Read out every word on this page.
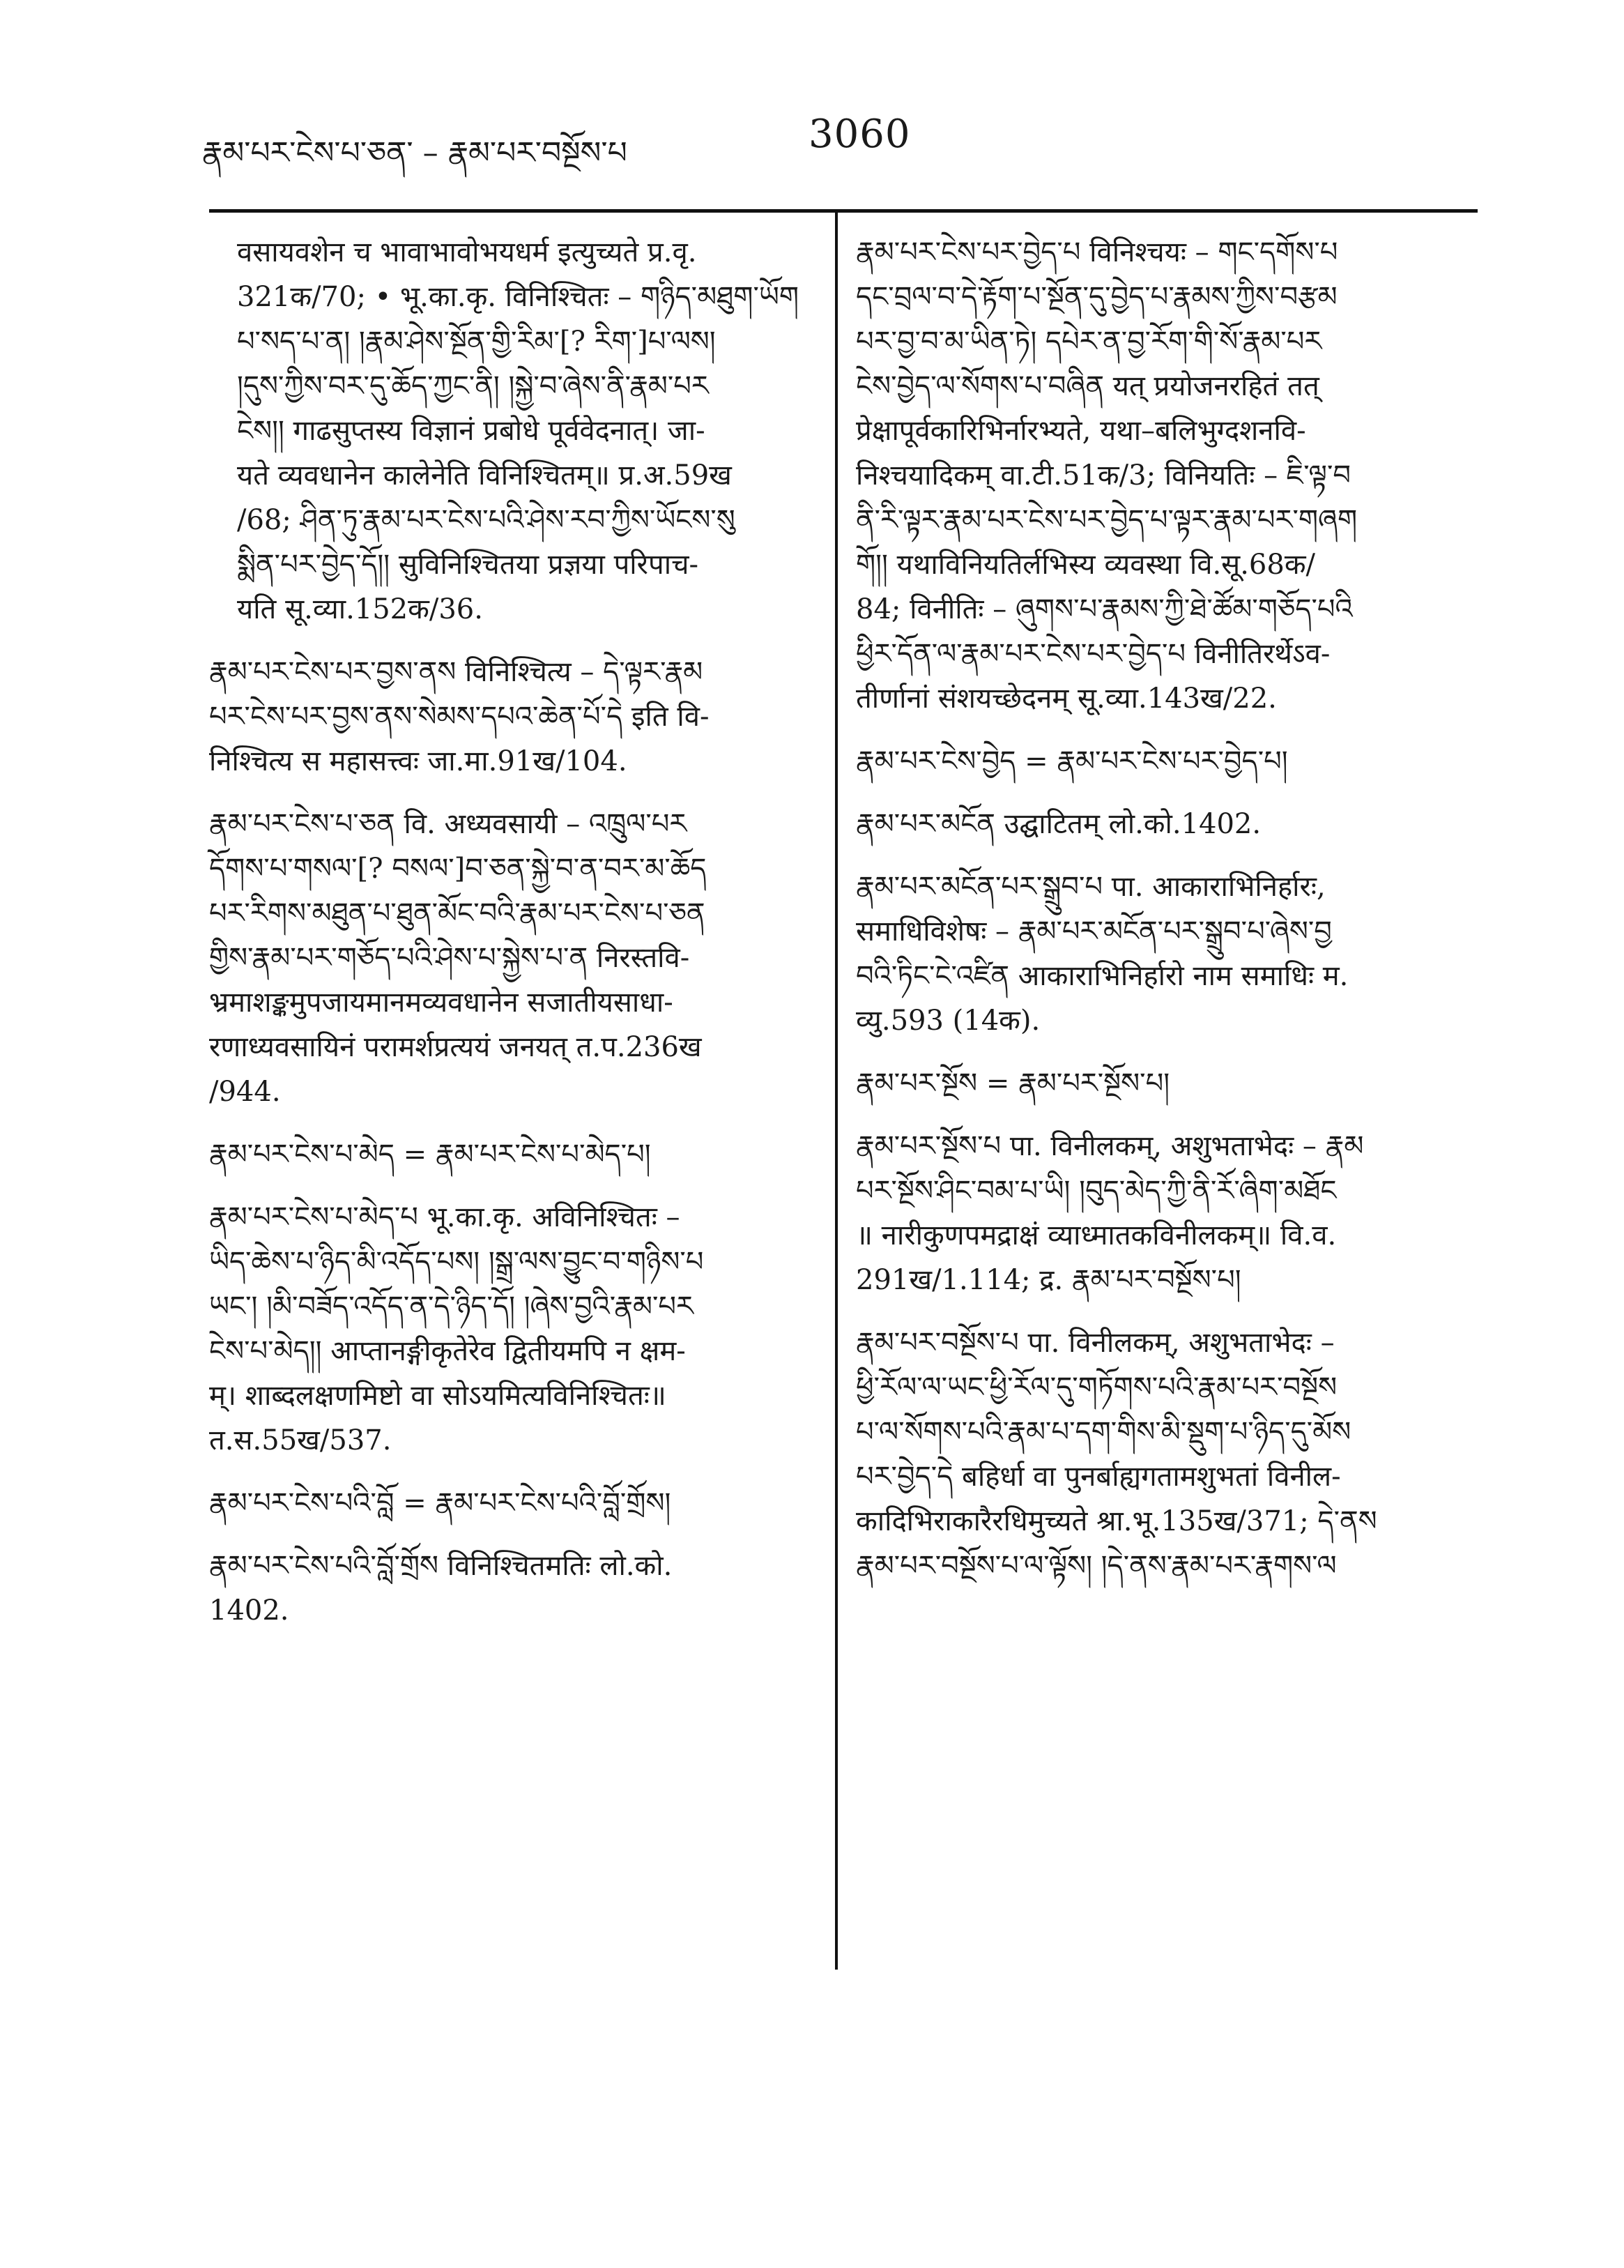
རྣམ་པར་ངེས་པ་ཅན་ – རྣམ་པར་བསྔོས་པ	3060
वसायवशेन च भावाभावोभयधर्म इत्युच्यते प्र.वृ.
321क/70; • भू.का.कृ. विनिश्चितः – གཉིད་མཐུག་ཡོག
པ་སད་པ་ན། །རྣམ་ཤེས་སྔོན་གྱི་རིམ་[? རིག་]པ་ལས།
།དུས་ཀྱིས་བར་དུ་ཆོད་ཀྱང་ནི། །སྐྱེ་བ་ཞེས་ནི་རྣམ་པར
ངེས།། गाढसुप्तस्य विज्ञानं प्रबोधे पूर्ववेदनात्। जा-
यते व्यवधानेन कालेनेति विनिश्चितम्॥ प्र.अ.59ख
/68; ཤིན་ཏུ་རྣམ་པར་ངེས་པའི་ཤེས་རབ་ཀྱིས་ཡོངས་སུ
སྨིན་པར་བྱེད་དོ།། सुविनिश्चितया प्रज्ञया परिपाच-
यति सू.व्या.152क/36.
རྣམ་པར་ངེས་པར་བྱས་ནས विनिश्चित्य – དེ་ལྟར་རྣམ
པར་ངེས་པར་བྱས་ནས་སེམས་དཔའ་ཆེན་པོ་དེ इति वि-
निश्चित्य स महासत्त्वः जा.मा.91ख/104.
རྣམ་པར་ངེས་པ་ཅན वि. अध्यवसायी – འཁྲུལ་པར
དོགས་པ་གསལ་[? བསལ་]བ་ཅན་སྐྱེ་བ་ན་བར་མ་ཆོད
པར་རིགས་མཐུན་པ་ཐུན་མོང་བའི་རྣམ་པར་ངེས་པ་ཅན
གྱིས་རྣམ་པར་གཅོད་པའི་ཤེས་པ་སྐྱེས་པ་ན निरस्तवि-
भ्रमाशङ्कमुपजायमानमव्यवधानेन सजातीयसाधा-
रणाध्यवसायिनं परामर्शप्रत्ययं जनयत् त.प.236ख
/944.
རྣམ་པར་ངེས་པ་མེད = རྣམ་པར་ངེས་པ་མེད་པ།
རྣམ་པར་ངེས་པ་མེད་པ भू.का.कृ. अविनिश्चितः –
ཡིད་ཆེས་པ་ཉིད་མི་འདོད་པས། །སྒྲ་ལས་བྱུང་བ་གཉིས་པ
ཡང་། །མི་བཟོད་འདོད་ན་དེ་ཉིད་དོ། །ཞེས་བྱའི་རྣམ་པར
ངེས་པ་མེད།། आप्तानङ्गीकृतेरेव द्वितीयमपि न क्षम-
म्। शाब्दलक्षणमिष्टो वा सोऽयमित्यविनिश्चितः॥
त.स.55ख/537.
རྣམ་པར་ངེས་པའི་བློ = རྣམ་པར་ངེས་པའི་བློ་གྲོས།
རྣམ་པར་ངེས་པའི་བློ་གྲོས विनिश्चितमतिः लो.को.
1402.
རྣམ་པར་ངེས་པར་བྱེད་པ विनिश्चयः – གང་དགོས་པ
དང་བྲལ་བ་དེ་རྟོག་པ་སྔོན་དུ་བྱེད་པ་རྣམས་ཀྱིས་བརྩམ
པར་བྱ་བ་མ་ཡིན་ཏེ། དཔེར་ན་བྱ་རོག་གི་སོ་རྣམ་པར
ངེས་བྱེད་ལ་སོགས་པ་བཞིན यत् प्रयोजनरहितं तत्
प्रेक्षापूर्वकारिभिर्नारभ्यते, यथा–बलिभुग्दशनवि-
निश्चयादिकम् वा.टी.51क/3; विनियतिः – ཇི་ལྟ་བ
ནི་རི་ལྟར་རྣམ་པར་ངེས་པར་བྱེད་པ་ལྟར་རྣམ་པར་གཞག
གོ།། यथाविनियतिर्लभिस्य व्यवस्था वि.सू.68क/
84; विनीतिः – ཞུགས་པ་རྣམས་ཀྱི་ཐེ་ཚོམ་གཅོད་པའི
ཕྱིར་དོན་ལ་རྣམ་པར་ངེས་པར་བྱེད་པ विनीतिरर्थेऽव-
तीर्णानां संशयच्छेदनम् सू.व्या.143ख/22.
རྣམ་པར་ངེས་བྱེད = རྣམ་པར་ངེས་པར་བྱེད་པ།
རྣམ་པར་མངོན उद्घाटितम् लो.को.1402.
རྣམ་པར་མངོན་པར་སྒྲུབ་པ पा. आकाराभिनिर्हारः,
समाधिविशेषः – རྣམ་པར་མངོན་པར་སྒྲུབ་པ་ཞེས་བྱ
བའི་ཏིང་ངེ་འཛིན आकाराभिनिर्हारो नाम समाधिः म.
व्यु.593 (14क).
རྣམ་པར་སྔོས = རྣམ་པར་སྔོས་པ།
རྣམ་པར་སྔོས་པ पा. विनीलकम्, अशुभताभेदः – རྣམ
པར་སྔོས་ཤིང་བམ་པ་ཡི། །བུད་མེད་ཀྱི་ནི་རོ་ཞིག་མཐོང
॥ नारीकुणपमद्राक्षं व्याध्मातकविनीलकम्॥ वि.व.
291ख/1.114; द्र. རྣམ་པར་བསྔོས་པ།
རྣམ་པར་བསྔོས་པ पा. विनीलकम्, अशुभताभेदः –
ཕྱི་རོལ་ལ་ཡང་ཕྱི་རོལ་དུ་གཏོགས་པའི་རྣམ་པར་བསྔོས
པ་ལ་སོགས་པའི་རྣམ་པ་དག་གིས་མི་སྡུག་པ་ཉིད་དུ་མོས
པར་བྱེད་དེ बहिर्धा वा पुनर्बाह्यगतामशुभतां विनील-
कादिभिराकारैरधिमुच्यते श्रा.भू.135ख/371; དེ་ནས
རྣམ་པར་བསྔོས་པ་ལ་ལྟོས། །དེ་ནས་རྣམ་པར་རྣགས་ལ
